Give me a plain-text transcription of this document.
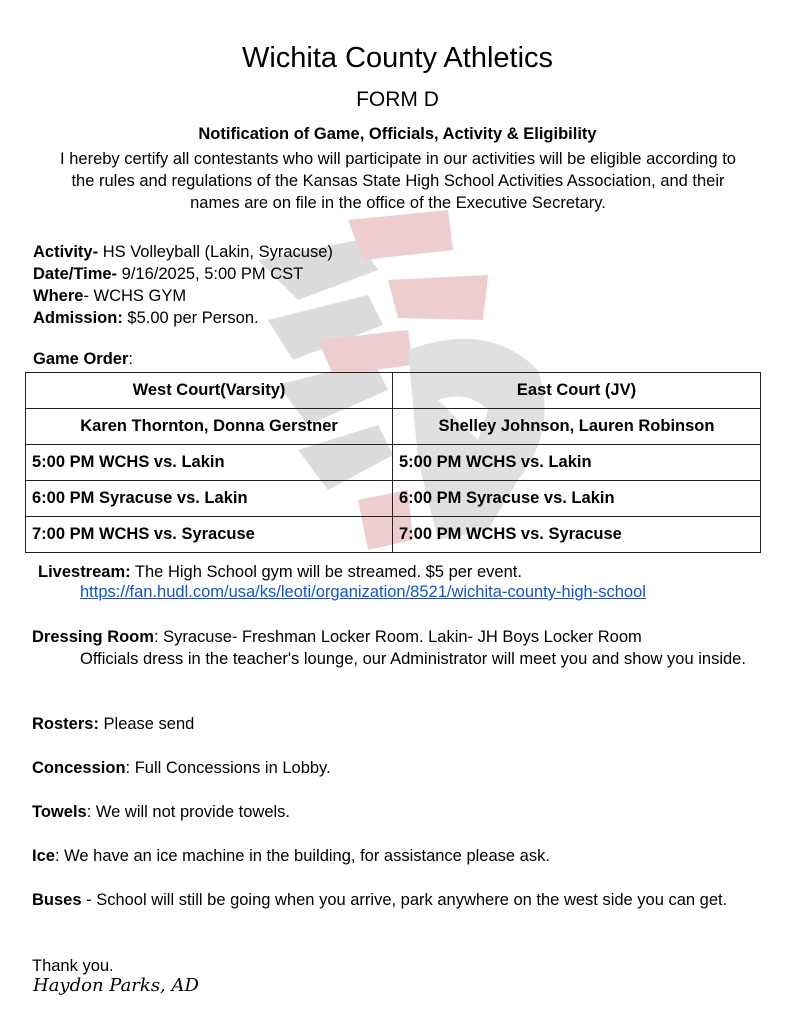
Wichita County Athletics
FORM D
Notification of Game, Officials, Activity & Eligibility
I hereby certify all contestants who will participate in our activities will be eligible according to the rules and regulations of the Kansas State High School Activities Association, and their names are on file in the office of the Executive Secretary.
Activity- HS Volleyball (Lakin, Syracuse)
Date/Time- 9/16/2025, 5:00 PM CST
Where- WCHS GYM
Admission: $5.00 per Person.
Game Order:
West Court(Varsity)	East Court (JV)
Karen Thornton, Donna Gerstner	Shelley Johnson, Lauren Robinson
5:00 PM WCHS vs. Lakin	5:00 PM WCHS vs. Lakin
6:00 PM Syracuse vs. Lakin	6:00 PM Syracuse vs. Lakin
7:00 PM WCHS vs. Syracuse	7:00 PM WCHS vs. Syracuse
Livestream: The High School gym will be streamed. $5 per event.
https://fan.hudl.com/usa/ks/leoti/organization/8521/wichita-county-high-school
Dressing Room: Syracuse- Freshman Locker Room. Lakin- JH Boys Locker Room
Officials dress in the teacher's lounge, our Administrator will meet you and show you inside.
Rosters: Please send
Concession: Full Concessions in Lobby.
Towels: We will not provide towels.
Ice: We have an ice machine in the building, for assistance please ask.
Buses - School will still be going when you arrive, park anywhere on the west side you can get.
Thank you.
Haydon Parks, AD
